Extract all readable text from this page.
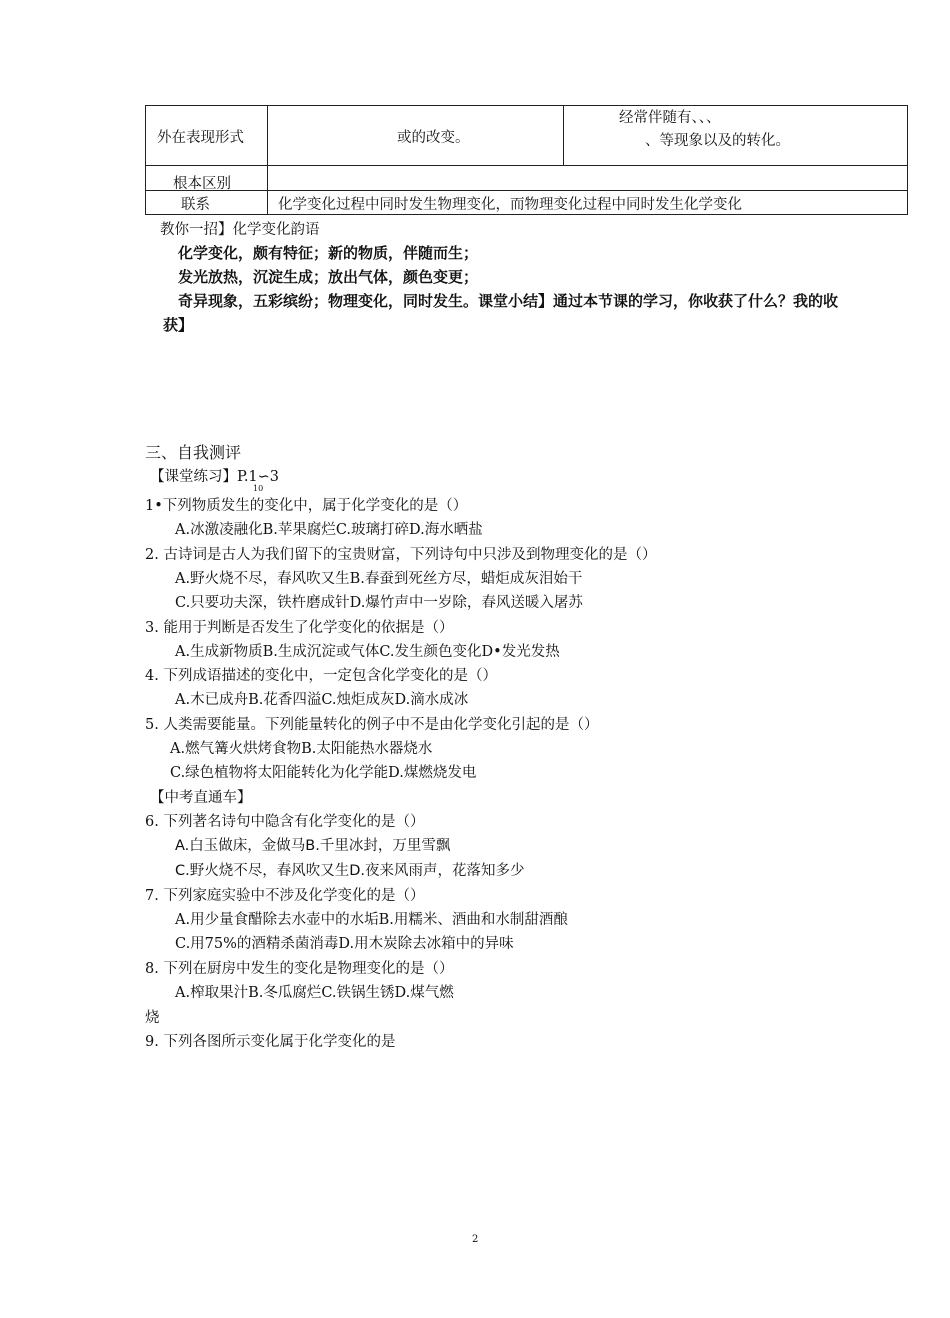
外在表现形式	或的改变。
经常伴随有、、、
、等现象以及的转化。
根本区别
联系	化学变化过程中同时发生物理变化，而物理变化过程中同时发生化学变化
教你一招】化学变化韵语
化学变化，颇有特征；新的物质，伴随而生；
发光放热，沉淀生成；放出气体，颜色变更；
奇异现象，五彩缤纷；物理变化，同时发生。课堂小结】通过本节课的学习，你收获了什么？我的收
获】
三、自我测评
【课堂练习】P.1∽3
10
1•下列物质发生的变化中，属于化学变化的是（）
A.冰激凌融化B.苹果腐烂C.玻璃打碎D.海水晒盐
2. 古诗词是古人为我们留下的宝贵财富，下列诗句中只涉及到物理变化的是（）
A.野火烧不尽，春风吹又生B.春蚕到死丝方尽，蜡炬成灰泪始干
C.只要功夫深，铁杵磨成针D.爆竹声中一岁除，春风送暖入屠苏
3. 能用于判断是否发生了化学变化的依据是（）
A.生成新物质B.生成沉淀或气体C.发生颜色变化D•发光发热
4. 下列成语描述的变化中，一定包含化学变化的是（）
A.木已成舟B.花香四溢C.烛炬成灰D.滴水成冰
5. 人类需要能量。下列能量转化的例子中不是由化学变化引起的是（）
A.燃气篝火烘烤食物B.太阳能热水器烧水
C.绿色植物将太阳能转化为化学能D.煤燃烧发电
【中考直通车】
6. 下列著名诗句中隐含有化学变化的是（）
A.白玉做床，金做马B.千里冰封，万里雪飘
C.野火烧不尽，春风吹又生D.夜来风雨声，花落知多少
7. 下列家庭实验中不涉及化学变化的是（）
A.用少量食醋除去水壶中的水垢B.用糯米、酒曲和水制甜酒酿
C.用75%的酒精杀菌消毒D.用木炭除去冰箱中的异味
8. 下列在厨房中发生的变化是物理变化的是（）
A.榨取果汁B.冬瓜腐烂C.铁锅生锈D.煤气燃
烧
9. 下列各图所示变化属于化学变化的是
2
